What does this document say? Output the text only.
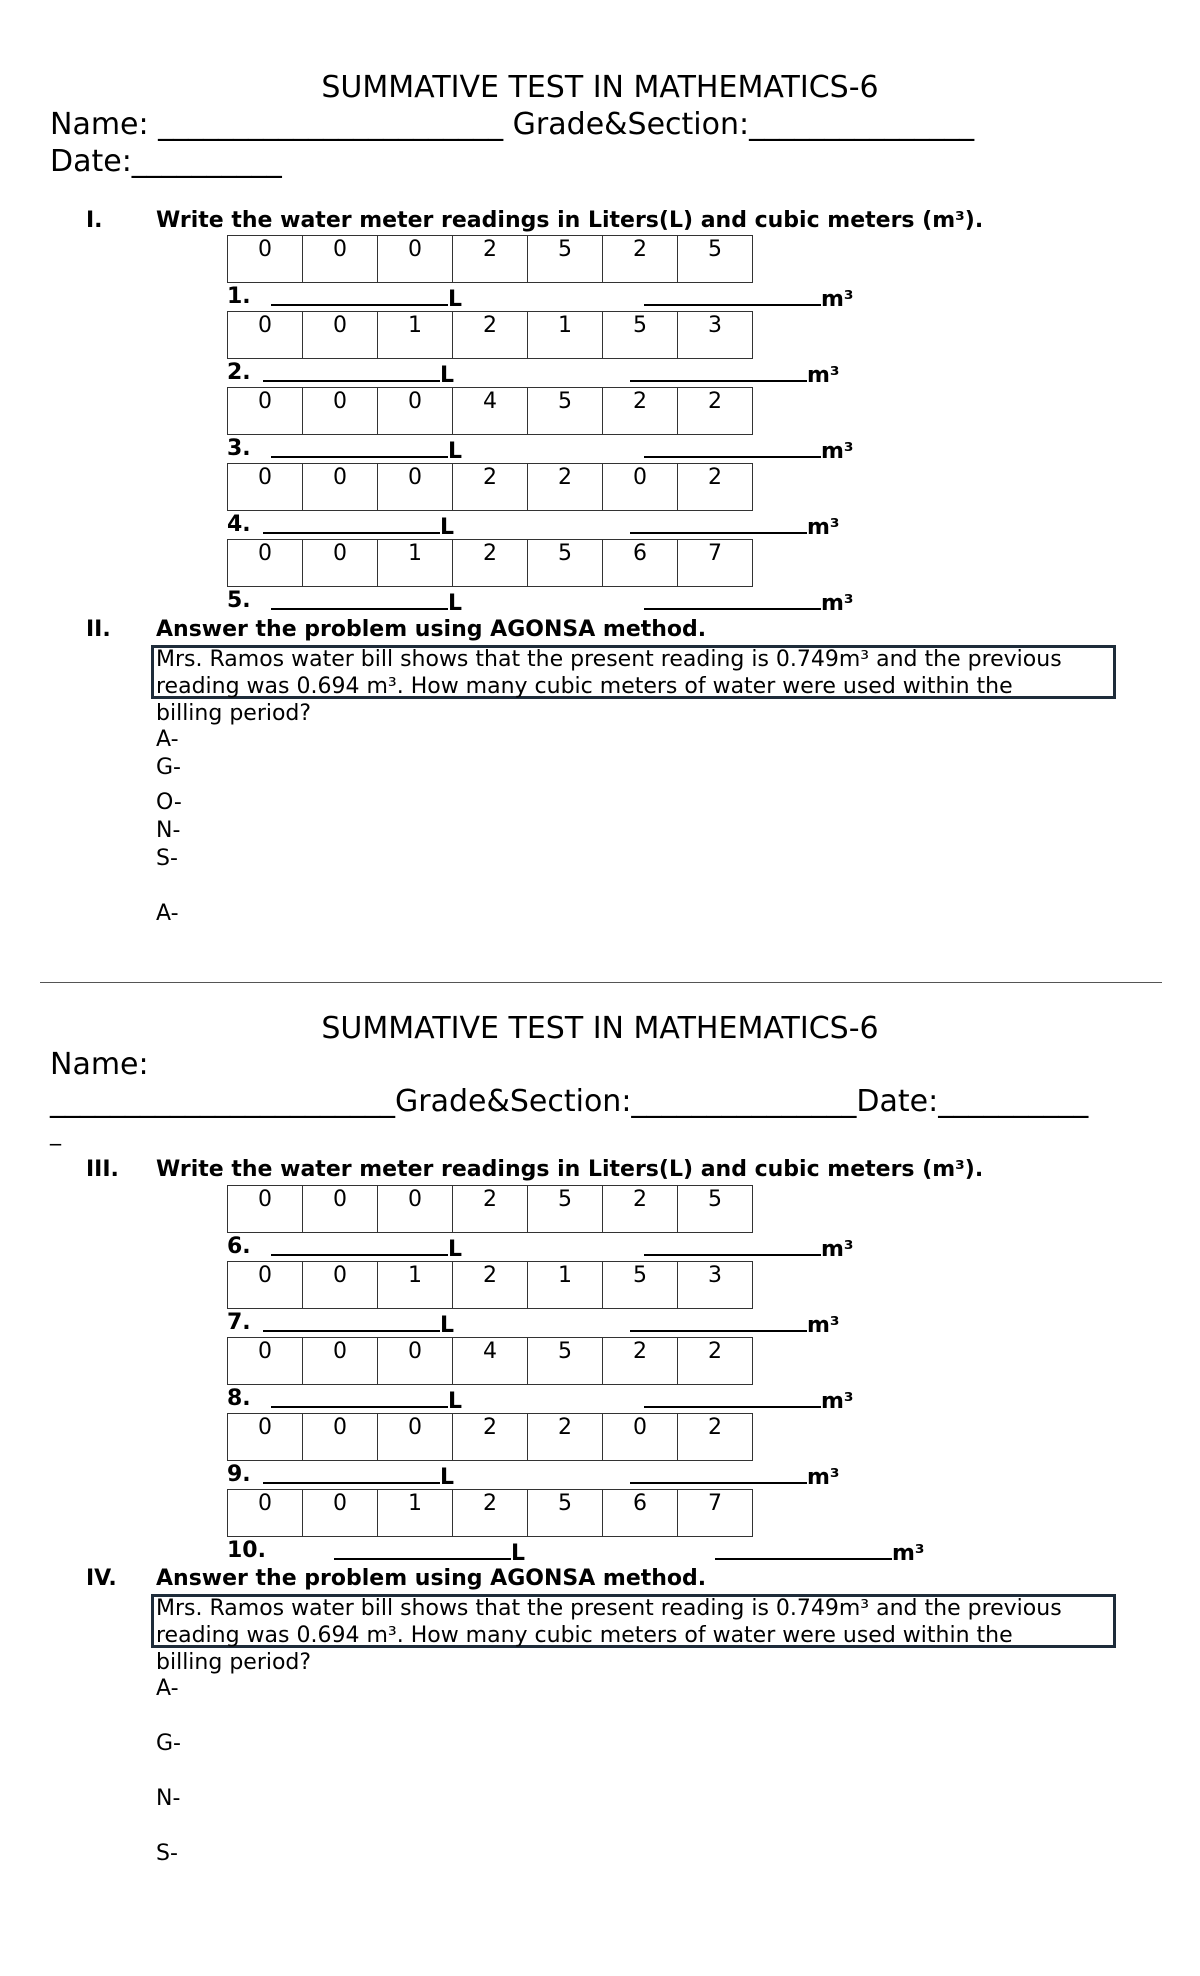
SUMMATIVE TEST IN MATHEMATICS-6
Name: _______________________ Grade&Section:_______________
Date:__________
I. Write the water meter readings in Liters(L) and cubic meters (m³).
0	0	0	2	5	2	5
1.	L	m³
0	0	1	2	1	5	3
2.	L	m³
0	0	0	4	5	2	2
3.	L	m³
0	0	0	2	2	0	2
4.	L	m³
0	0	1	2	5	6	7
5.	L	m³
II. Answer the problem using AGONSA method.
Mrs. Ramos water bill shows that the present reading is 0.749m³ and the previous
reading was 0.694 m³. How many cubic meters of water were used within the
billing period?
A-
G-
O-
N-
S-
A-
SUMMATIVE TEST IN MATHEMATICS-6
Name:
_______________________Grade&Section:_______________Date:__________
_
III. Write the water meter readings in Liters(L) and cubic meters (m³).
0	0	0	2	5	2	5
6.	L	m³
0	0	1	2	1	5	3
7.	L	m³
0	0	0	4	5	2	2
8.	L	m³
0	0	0	2	2	0	2
9.	L	m³
0	0	1	2	5	6	7
10.	L	m³
IV. Answer the problem using AGONSA method.
Mrs. Ramos water bill shows that the present reading is 0.749m³ and the previous
reading was 0.694 m³. How many cubic meters of water were used within the
billing period?
A-
G-
N-
S-
